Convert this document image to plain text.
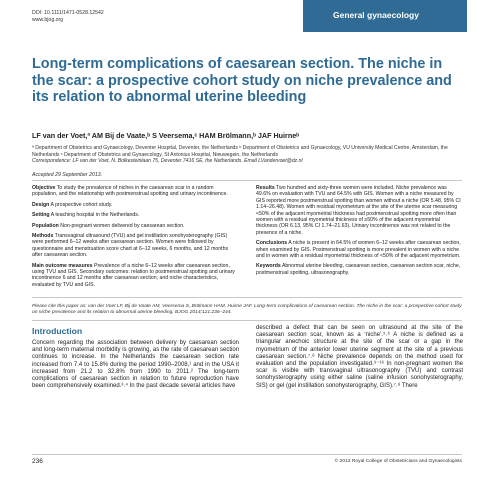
DOI: 10.1111/1471-0528.12542
www.bjog.org	General gynaecology
Long-term complications of caesarean section. The niche in the scar: a prospective cohort study on niche prevalence and its relation to abnormal uterine bleeding
LF van der Voet,ª AM Bij de Vaate,ᵇ S Veersema,ᶜ HAM Brölmann,ᵇ JAF Huirneᵇ
ª Department of Obstetrics and Gynaecology, Deventer Hospital, Deventer, the Netherlands ᵇ Department of Obstetrics and Gynaecology, VU University Medical Centre, Amsterdam, the Netherlands ᶜ Department of Obstetrics and Gynaecology, St Antonius Hospital, Nieuwegein, the Netherlands
Correspondence: LF van der Voet, N. Bolkesteinlaan 75, Deventer 7416 SE, the Netherlands. Email LVandervoet@dz.nl
Accepted 29 September 2013.

Objective To study the prevalence of niches in the caesarean scar in a random population, and the relationship with postmenstrual spotting and urinary incontinence.

Design A prospective cohort study.

Setting A teaching hospital in the Netherlands.

Population Non-pregnant women delivered by caesarean section.

Methods Transvaginal ultrasound (TVU) and gel instillation sonohysterography (GIS) were performed 6–12 weeks after caesarean section. Women were followed by questionnaire and menstruation score chart at 6–12 weeks, 6 months, and 12 months after caesarean section.

Main outcome measures Prevalence of a niche 6–12 weeks after caesarean section, using TVU and GIS. Secondary outcomes: relation to postmenstrual spotting and urinary incontinence 6 and 12 months after caesarean section; and niche characteristics, evaluated by TVU and GIS.

Results Two hundred and sixty-three women were included. Niche prevalence was 49.6% on evaluation with TVU and 64.5% with GIS. Women with a niche measured by GIS reported more postmenstrual spotting than women without a niche (OR 5.48, 95% CI 1.14–26.48). Women with residual myometrium at the site of the uterine scar measuring <50% of the adjacent myometrial thickness had postmenstrual spotting more often than women with a residual myometrial thickness of ≥50% of the adjacent myometrial thickness (OR 6.13, 95% CI 1.74–21.63). Urinary incontinence was not related to the presence of a niche.

Conclusions A niche is present in 64.5% of women 6–12 weeks after caesarean section, when examined by GIS. Postmenstrual spotting is more prevalent in women with a niche and in women with a residual myometrial thickness of <50% of the adjacent myometrium.

Keywords Abnormal uterine bleeding, caesarean section, caesarean section scar, niche, postmenstrual spotting, ultrasonography.

Please cite this paper as: van der Voet LF, Bij de Vaate AM, Veersema S, Brölmann HAM, Huirne JAF. Long-term complications of caesarean section. The niche in the scar: a prospective cohort study on niche prevalence and its relation to abnormal uterine bleeding. BJOG 2014;121:236–244.
Introduction

Concern regarding the association between delivery by caesarean section and long-term maternal morbidity is growing, as the rate of caesarean section continues to increase. In the Netherlands the caesarean section rate increased from 7.4 to 15.8% during the period 1990–2008,¹ and in the USA it increased from 21.2 to 32.8% from 1990 to 2011.² The long-term complications of caesarean section in relation to future reproduction have been comprehensively examined.³˒⁴ In the past decade several articles have

described a defect that can be seen on ultrasound at the site of the caesarean section scar, known as a ‘niche’.⁵˒⁶ A niche is defined as a triangular anechoic structure at the site of the scar or a gap in the myometrium of the anterior lower uterine segment at the site of a previous caesarean section.⁷˒⁸ Niche prevalence depends on the method used for evaluation and the population investigated.⁹⁻¹⁶ In non-pregnant women the scar is visible with transvaginal ultrasonography (TVU) and contrast sonohysterography using either saline (saline infusion sonohysterography, SIS) or gel (gel instillation sonohysterography, GIS).⁷˒⁸ There

236	© 2013 Royal College of Obstetricians and Gynaecologists
